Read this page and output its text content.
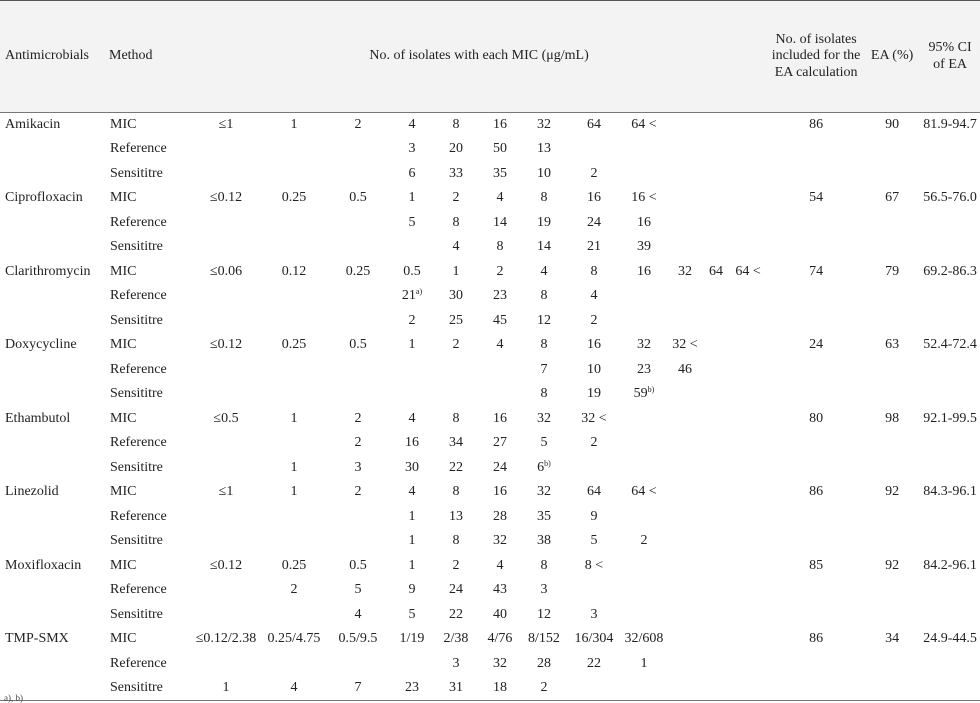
Antimicrobials	Method	No. of isolates with each MIC (μg/mL)												No. of isolates included for the EA calculation	EA (%)	95% CI of EA
Amikacin	MIC	≤1	1	2	4	8	16	32	64	64 <				86	90	81.9-94.7
	Reference				3	20	50	13								
	Sensititre				6	33	35	10	2							
Ciprofloxacin	MIC	≤0.12	0.25	0.5	1	2	4	8	16	16 <				54	67	56.5-76.0
	Reference				5	8	14	19	24	16						
	Sensititre					4	8	14	21	39						
Clarithromycin	MIC	≤0.06	0.12	0.25	0.5	1	2	4	8	16	32	64	64 <	74	79	69.2-86.3
	Reference				21$^{a)}$	30	23	8	4							
	Sensititre				2	25	45	12	2							
Doxycycline	MIC	≤0.12	0.25	0.5	1	2	4	8	16	32	32 <			24	63	52.4-72.4
	Reference							7	10	23	46					
	Sensititre							8	19	59$^{b)}$						
Ethambutol	MIC	≤0.5	1	2	4	8	16	32	32 <					80	98	92.1-99.5
	Reference			2	16	34	27	5	2							
	Sensititre		1	3	30	22	24	6$^{b)}$								
Linezolid	MIC	≤1	1	2	4	8	16	32	64	64 <				86	92	84.3-96.1
	Reference				1	13	28	35	9							
	Sensititre				1	8	32	38	5	2						
Moxifloxacin	MIC	≤0.12	0.25	0.5	1	2	4	8	8 <					85	92	84.2-96.1
	Reference		2	5	9	24	43	3								
	Sensititre			4	5	22	40	12	3							
TMP-SMX	MIC	≤0.12/2.38	0.25/4.75	0.5/9.5	1/19	2/38	4/76	8/152	16/304	32/608				86	34	24.9-44.5
	Reference					3	32	28	22	1						
	Sensititre	1	4	7	23	31	18	2								
a), b)
